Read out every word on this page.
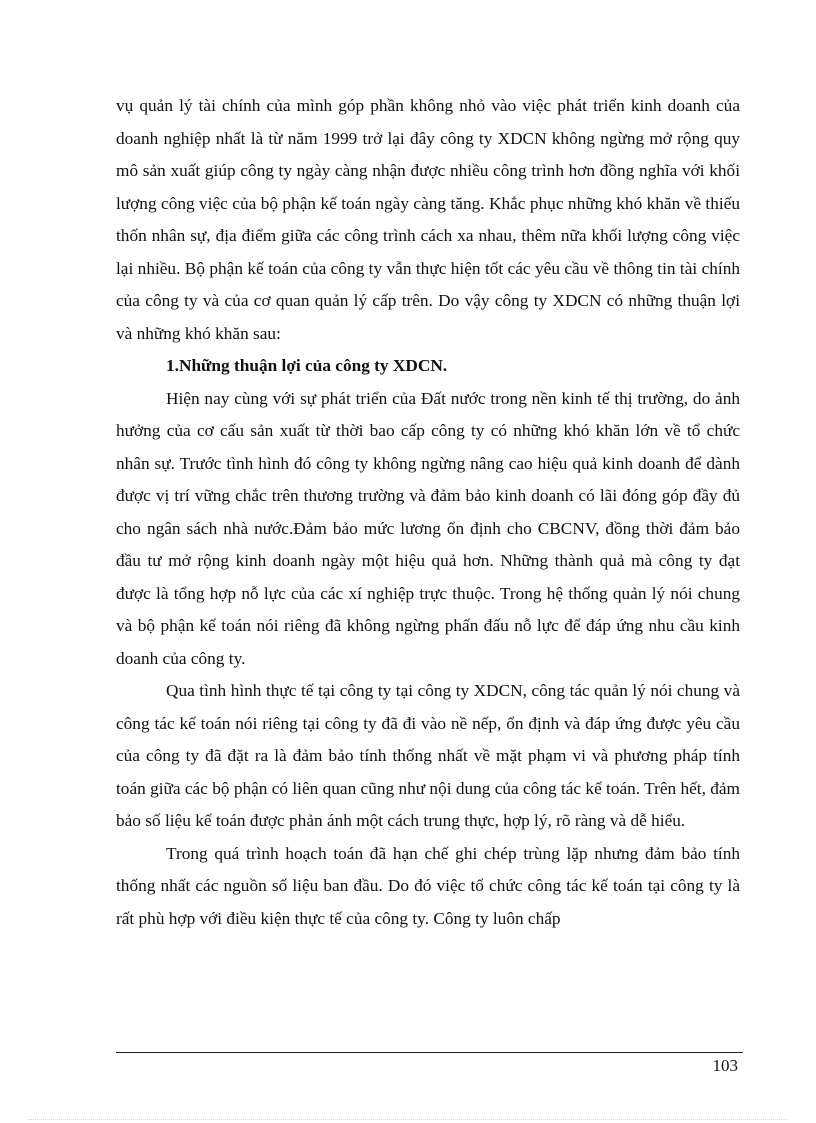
vụ quản lý tài chính của mình góp phần không nhỏ vào việc phát triển kinh doanh của doanh nghiệp nhất là từ năm 1999 trở lại đây công ty XDCN không ngừng mở rộng quy mô sản xuất giúp công ty ngày càng nhận được nhiều công trình hơn đồng nghĩa với khối lượng công việc của bộ phận kế toán ngày càng tăng. Khắc phục những khó khăn về thiếu thốn nhân sự, địa điểm giữa các công trình cách xa nhau, thêm nữa khối lượng công việc lại nhiều. Bộ phận kế toán của công ty vẫn thực hiện tốt các yêu cầu về thông tin tài chính của công ty và của cơ quan quản lý cấp trên. Do vậy công ty XDCN có những thuận lợi và những khó khăn sau:

1.Những thuận lợi của công ty XDCN.

Hiện nay cùng với sự phát triển của Đất nước trong nền kinh tế thị trường, do ảnh hưởng của cơ cấu sản xuất từ thời bao cấp công ty có những khó khăn lớn về tổ chức nhân sự. Trước tình hình đó công ty không ngừng nâng cao hiệu quả kinh doanh để dành được vị trí vững chắc trên thương trường và đảm bảo kinh doanh có lãi đóng góp đầy đủ cho ngân sách nhà nước.Đảm bảo mức lương ổn định cho CBCNV, đồng thời đảm bảo đầu tư mở rộng kinh doanh ngày một hiệu quả hơn. Những thành quả mà công ty đạt được là tổng hợp nỗ lực của các xí nghiệp trực thuộc. Trong hệ thống quản lý nói chung và bộ phận kế toán nói riêng đã không ngừng phấn đấu nỗ lực để đáp ứng nhu cầu kinh doanh của công ty.

Qua tình hình thực tế tại công ty tại công ty XDCN, công tác quản lý nói chung và công tác kế toán nói riêng tại công ty đã đi vào nề nếp, ổn định và đáp ứng được yêu cầu của công ty đã đặt ra là đảm bảo tính thống nhất về mặt phạm vi và phương pháp tính toán giữa các bộ phận có liên quan cũng như nội dung của công tác kế toán. Trên hết, đảm bảo số liệu kế toán được phản ánh một cách trung thực, hợp lý, rõ ràng và dễ hiểu.

Trong quá trình hoạch toán đã hạn chế ghi chép trùng lặp nhưng đảm bảo tính thống nhất các nguồn số liệu ban đầu. Do đó việc tổ chức công tác kế toán tại công ty là rất phù hợp với điều kiện thực tế của công ty. Công ty luôn chấp

103
